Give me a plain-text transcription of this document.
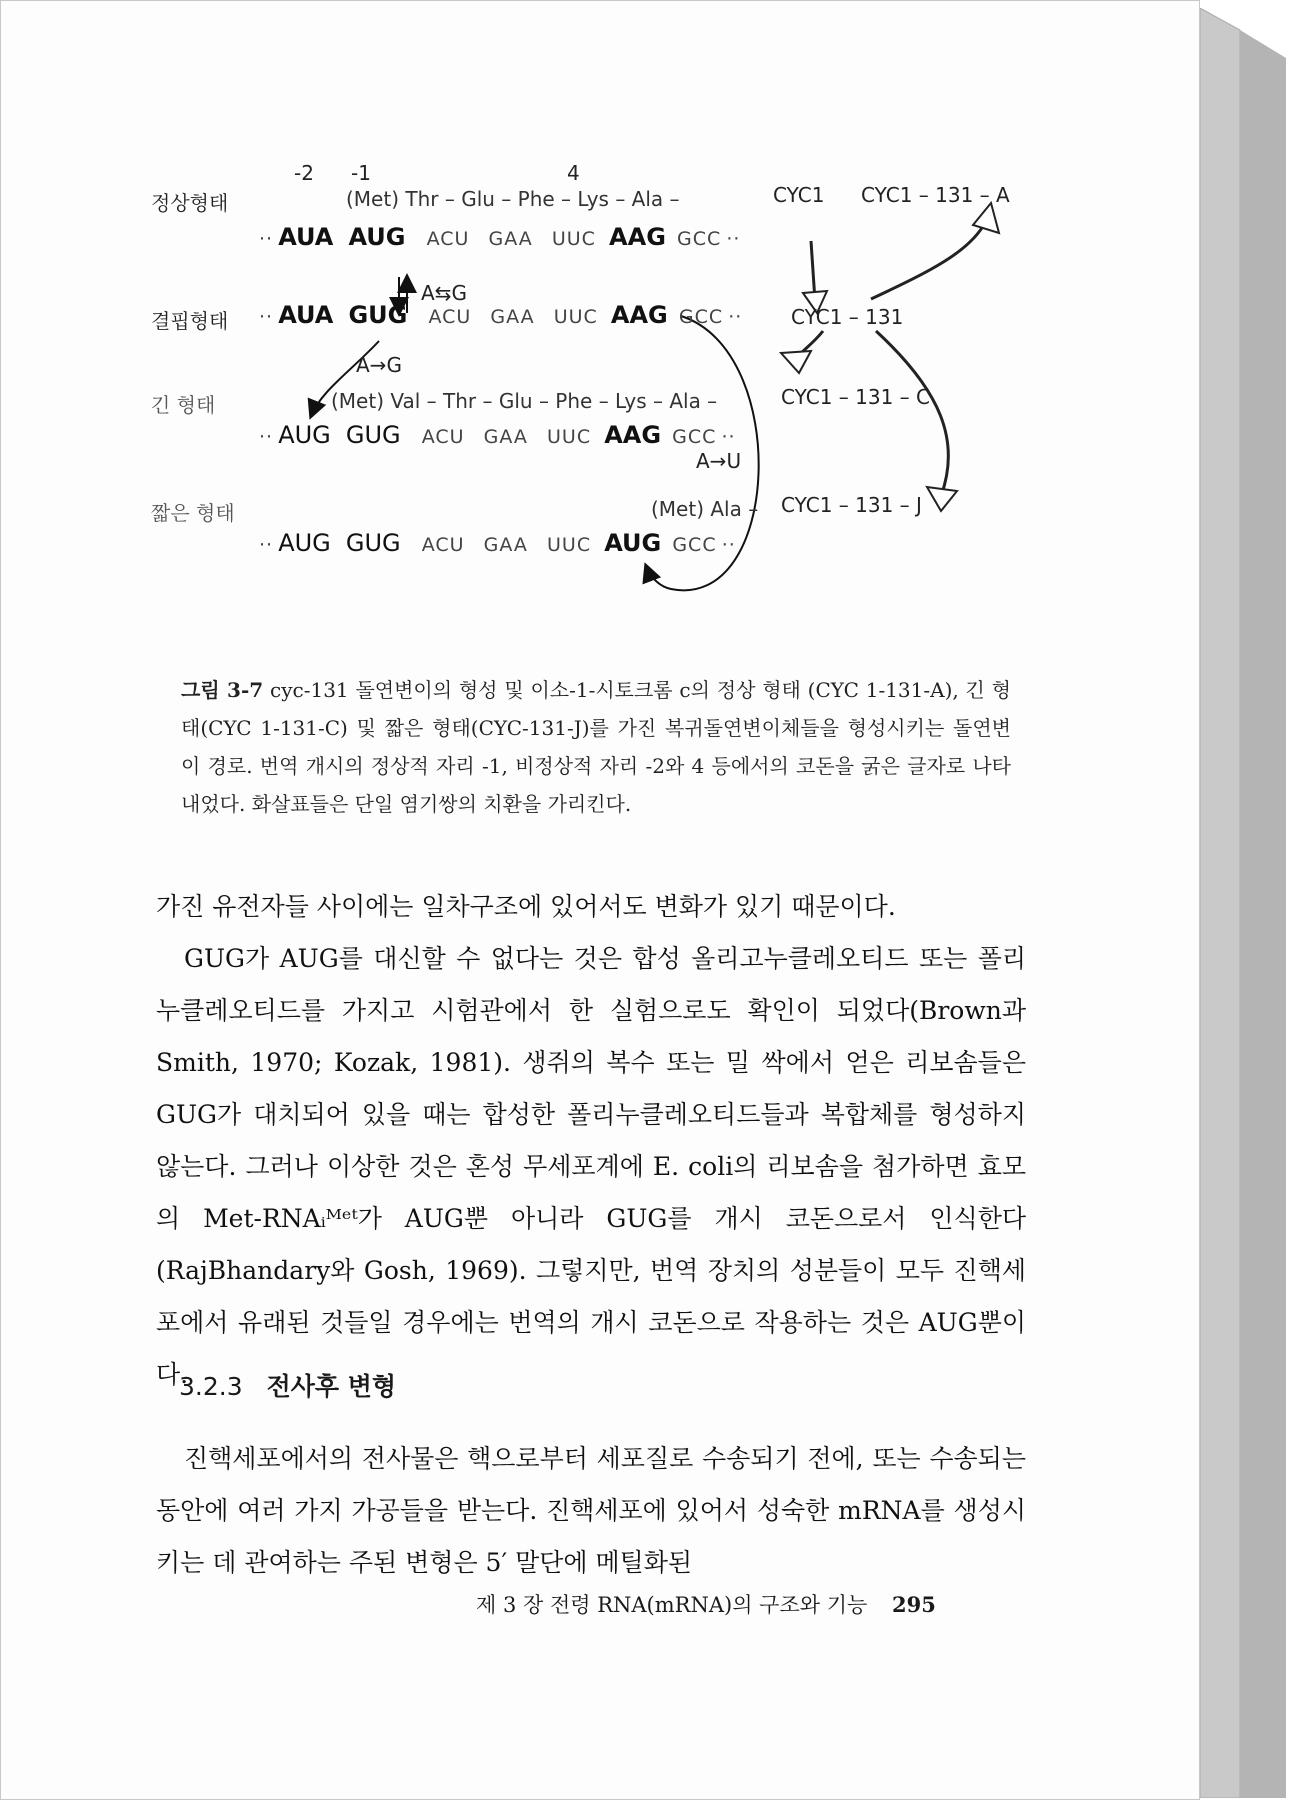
-2 -1	4
정상형태	(Met) Thr – Glu – Phe – Lys – Ala –	CYC1 CYC1 – 131 – A
·· AUA AUG ACU GAA UUC AAG GCC ··
A⇆G
결핍형태 ·· AUA GUG ACU GAA UUC AAG GCC ·· CYC1 – 131
A→G
긴 형태	(Met) Val – Thr – Glu – Phe – Lys – Ala –	CYC1 – 131 – C
·· AUG GUG ACU GAA UUC AAG GCC ··
A→U
짧은 형태	(Met) Ala – CYC1 – 131 – J
·· AUG GUG ACU GAA UUC AUG GCC ··
그림 3-7 cyc-131 돌연변이의 형성 및 이소-1-시토크롬 c의 정상 형태 (CYC 1-131-A), 긴 형태(CYC 1-131-C) 및 짧은 형태(CYC-131-J)를 가진 복귀돌연변이체들을 형성시키는 돌연변이 경로. 번역 개시의 정상적 자리 -1, 비정상적 자리 -2와 4 등에서의 코돈을 굵은 글자로 나타내었다. 화살표들은 단일 염기쌍의 치환을 가리킨다.

가진 유전자들 사이에는 일차구조에 있어서도 변화가 있기 때문이다.

GUG가 AUG를 대신할 수 없다는 것은 합성 올리고누클레오티드 또는 폴리누클레오티드를 가지고 시험관에서 한 실험으로도 확인이 되었다(Brown과 Smith, 1970; Kozak, 1981). 생쥐의 복수 또는 밀 싹에서 얻은 리보솜들은 GUG가 대치되어 있을 때는 합성한 폴리누클레오티드들과 복합체를 형성하지 않는다. 그러나 이상한 것은 혼성 무세포계에 E. coli의 리보솜을 첨가하면 효모의 Met-RNAᵢᴹᵉᵗ가 AUG뿐 아니라 GUG를 개시 코돈으로서 인식한다(RajBhandary와 Gosh, 1969). 그렇지만, 번역 장치의 성분들이 모두 진핵세포에서 유래된 것들일 경우에는 번역의 개시 코돈으로 작용하는 것은 AUG뿐이다.

3.2.3 전사후 변형

진핵세포에서의 전사물은 핵으로부터 세포질로 수송되기 전에, 또는 수송되는 동안에 여러 가지 가공들을 받는다. 진핵세포에 있어서 성숙한 mRNA를 생성시키는 데 관여하는 주된 변형은 5′ 말단에 메틸화된

제 3 장 전령 RNA(mRNA)의 구조와 기능 295
